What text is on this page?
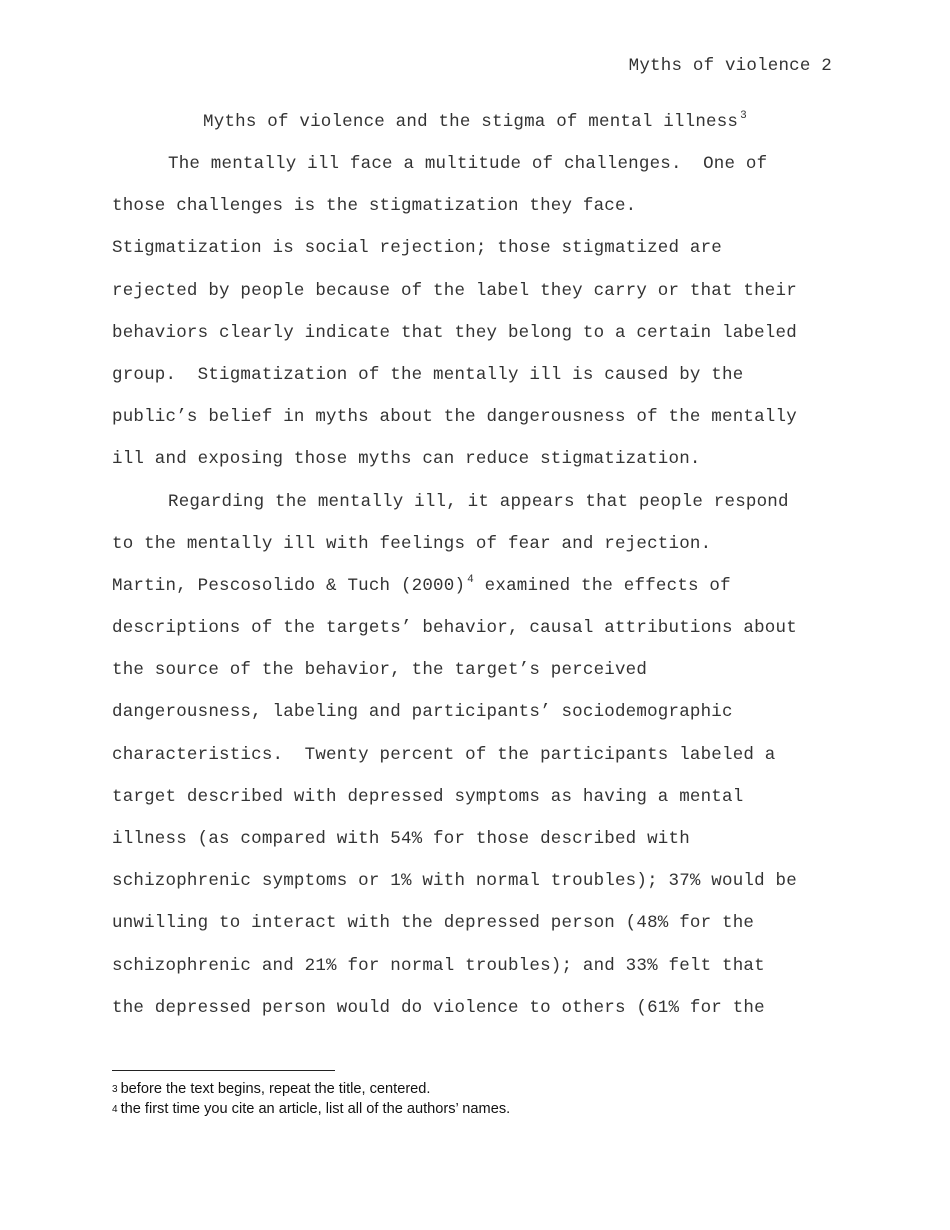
Myths of violence 2
Myths of violence and the stigma of mental illness $^3$
The mentally ill face a multitude of challenges.  One of
those challenges is the stigmatization they face.
Stigmatization is social rejection; those stigmatized are
rejected by people because of the label they carry or that their
behaviors clearly indicate that they belong to a certain labeled
group.  Stigmatization of the mentally ill is caused by the
public’s belief in myths about the dangerousness of the mentally
ill and exposing those myths can reduce stigmatization.
Regarding the mentally ill, it appears that people respond
to the mentally ill with feelings of fear and rejection.
Martin, Pescosolido & Tuch (2000) $^4$ examined the effects of
descriptions of the targets’ behavior, causal attributions about
the source of the behavior, the target’s perceived
dangerousness, labeling and participants’ sociodemographic
characteristics.  Twenty percent of the participants labeled a
target described with depressed symptoms as having a mental
illness (as compared with 54% for those described with
schizophrenic symptoms or 1% with normal troubles); 37% would be
unwilling to interact with the depressed person (48% for the
schizophrenic and 21% for normal troubles); and 33% felt that
the depressed person would do violence to others (61% for the
$^3$ before the text begins, repeat the title, centered.
$^4$ the first time you cite an article, list all of the authors’ names.
